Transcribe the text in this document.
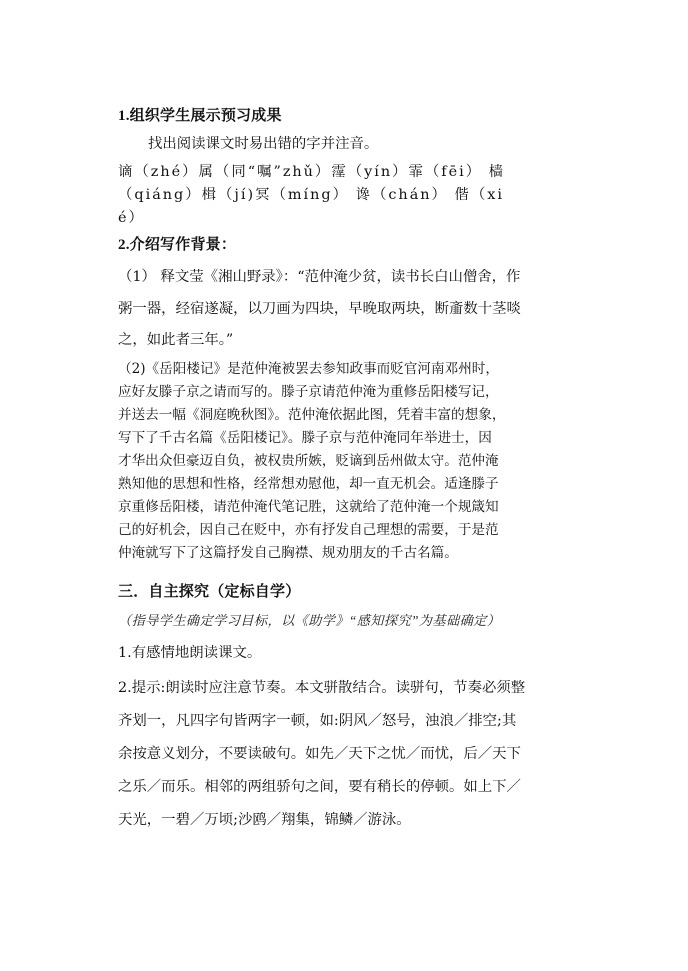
1.组织学生展示预习成果

找出阅读课文时易出错的字并注音。

谪（zhé）属（同“嘱”zhǔ）霪（yín）霏（fēi） 樯

（qiáng）楫（jí)冥（míng） 谗（chán） 偕（xi

é）

2.介绍写作背景：

（1） 释文莹《湘山野录》：“范仲淹少贫，读书长白山僧舍，作

粥一器，经宿遂凝，以刀画为四块，早晚取两块，断齑数十茎啖

之，如此者三年。”

（2)《岳阳楼记》是范仲淹被罢去参知政事而贬官河南邓州时，

应好友滕子京之请而写的。滕子京请范仲淹为重修岳阳楼写记，

并送去一幅《洞庭晚秋图》。范仲淹依据此图，凭着丰富的想象，

写下了千古名篇《岳阳楼记》。滕子京与范仲淹同年举进士，因

才华出众但豪迈自负，被权贵所嫉，贬谪到岳州做太守。范仲淹

熟知他的思想和性格，经常想劝慰他，却一直无机会。适逢滕子

京重修岳阳楼，请范仲淹代笔记胜，这就给了范仲淹一个规箴知

己的好机会，因自己在贬中，亦有抒发自己理想的需要，于是范

仲淹就写下了这篇抒发自己胸襟、规劝朋友的千古名篇。

三．自主探究（定标自学）

（指导学生确定学习目标，以《助学》“感知探究”为基础确定）

1.有感情地朗读课文。

2.提示:朗读时应注意节奏。本文骈散结合。读骈句，节奏必须整

齐划一，凡四字句皆两字一顿，如:阴风／怒号，浊浪／排空;其

余按意义划分，不要读破句。如先／天下之忧／而忧，后／天下

之乐／而乐。相邻的两组骄句之间，要有稍长的停顿。如上下／

天光，一碧／万顷;沙鸥／翔集，锦鳞／游泳。
